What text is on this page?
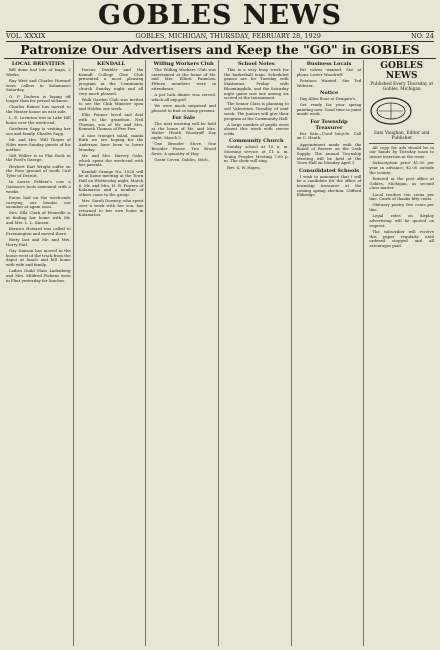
GOBLES NEWS
VOL. XXXIX	GOBLES, MICHIGAN, THURSDAY, FEBRUARY 28, 1929	NO. 24
Patronize Our Advertisers and Keep the "GO" in GOBLES
LOCAL BREVITIES

Bill dunn had lots of loaps, 3 Weeks.

Ray West and Charles Howard were callers in Kalamazoo Saturday.

O. P. Dudeen is laying off longer than for period sickness.

Charles Rainer has moved to the Hunter house on east side.

L. E. Lavinton was in Lake Hill home over the week-end.

Gardener Sapp is visiting her son and family. Charles Sapp.

Mr. and Mrs. Will Thayer of Niles were Sunday guests of his mother.

Gift Wilber is in Flat Rock in the Ford's Garage.

Herbert Earl Wright suffer on the Ross ground of tooth Curl Tyler of Detroit.

In Lowes Feldeer's cow a Garmon's tools sexeneral with a weeks.

Eaton had on the week-ends carrying our bendar not suomber at again soon.

Mrs. Ella Clark of Fennville is at finding her home with Mr. and Mrs. L. L. Kinsen.

Bernice Howard was called to Freemington and moved there.

Betty last and Mr. and Mrs. Harry Earl.

Gay Dunson has moved to the house west of the track from the depot at lunch and bill home with wife and family.

Ladies Guild Mass Ladenberg and Mrs. Mildred Pickens were in Flint yesterday for lunches.

KENDALL

Dorcas Doubler and the Kenndl College Glee Club presented a most pleasing program at the Community church Sunday night and all very much pleased.

Walk Garden Club was invited to see the Club Minister open and Holden one week.

Ellis Fenner loved and deal with to the grandson, Neil Thomas, son of Mr. and Mrs. Kenneth Thomas of Pew Paw.

A nice trumpet salad, manla Ruth we are hoping for the Anderson have been to lower Monday.

Mr. and Mrs. Harvey Oaks, which spent the week-end with her parents.

Kendall Grange No. 1028 will be at home meeting at the Town Hall on Wednesday night, March 6. Mr. and Mrs. H. B. Powers of Kalamazoo and a number of others came to the group.

Mrs. Sarah Downey, who spent over a week with her son, has returned to her own home in Kalamazoo.

Willing Workers Club

The Willing Workers Club was entertained at the home of Mr. and Mrs. Elliott Pamelow. Fifteen members were in attendance.

A pot luck dinner was served, which all enjoyed.

We were much surprised and pleased to find so many present.

For Sale

The next meeting will be held at the home of Mr. and Mrs. Walter Heath Woodruff Day night, March 5.

One Brooder Stove. One Brooder House. Two Brood Sows. A quantity of Hay.

Grant Coven, Gobles, Mich.

School Notes

This is a very busy week for the basketball team. Scheduled games are for Tuesday with Mattawan, Friday with Bloomingdale, and the Saturday night game was one among six scored at the tournament.

The Senior Class is planning to sell Valentines Tuesday of next week. The Juniors will give their program at the Community Hall.

A large number of pupils were absent this week with severe colds.

Community Church

Sunday school at 10 a. m. Morning service at 11 a. m. Young Peoples Meeting 7:00 p. m. The choir will sing.

Rev. S. W. Hayes.

Business Locals

Fat calves wanted. See at phone Lester Woodruff.

Potatoes Wanted. See Ted Webster.

Notice

Day Allen flour at Dengate's.

Get ready for your spring painting now. Good time to paint inside work.

For Township Treasurer

For Sale—Used bicycle. Call on C. Heath.

Appointment made with the Board of Review on the Cash Supply. The annual Township Meeting will be held at the Town Hall on Monday April 1.

Consolidated Schools

I wish to announce that I will be a candidate for the office of township treasurer at the coming spring election. Clifford Eldredge.

GOBLES NEWS
Published Every Thursday at Gobles, Michigan
Sam Vaughan, Editor and Publisher

All copy for ads should be in our hands by Tuesday noon to insure insertion in the issue.

Subscription price $1.50 per year in advance; $2.00 outside the county.

Entered at the post office at Gobles, Michigan, as second class matter.

Local readers ten cents per line. Cards of thanks fifty cents.

Obituary poetry five cents per line.

Legal rates on display advertising will be quoted on request.

The subscriber will receive this paper regularly until ordered stopped and all arrearages paid.
